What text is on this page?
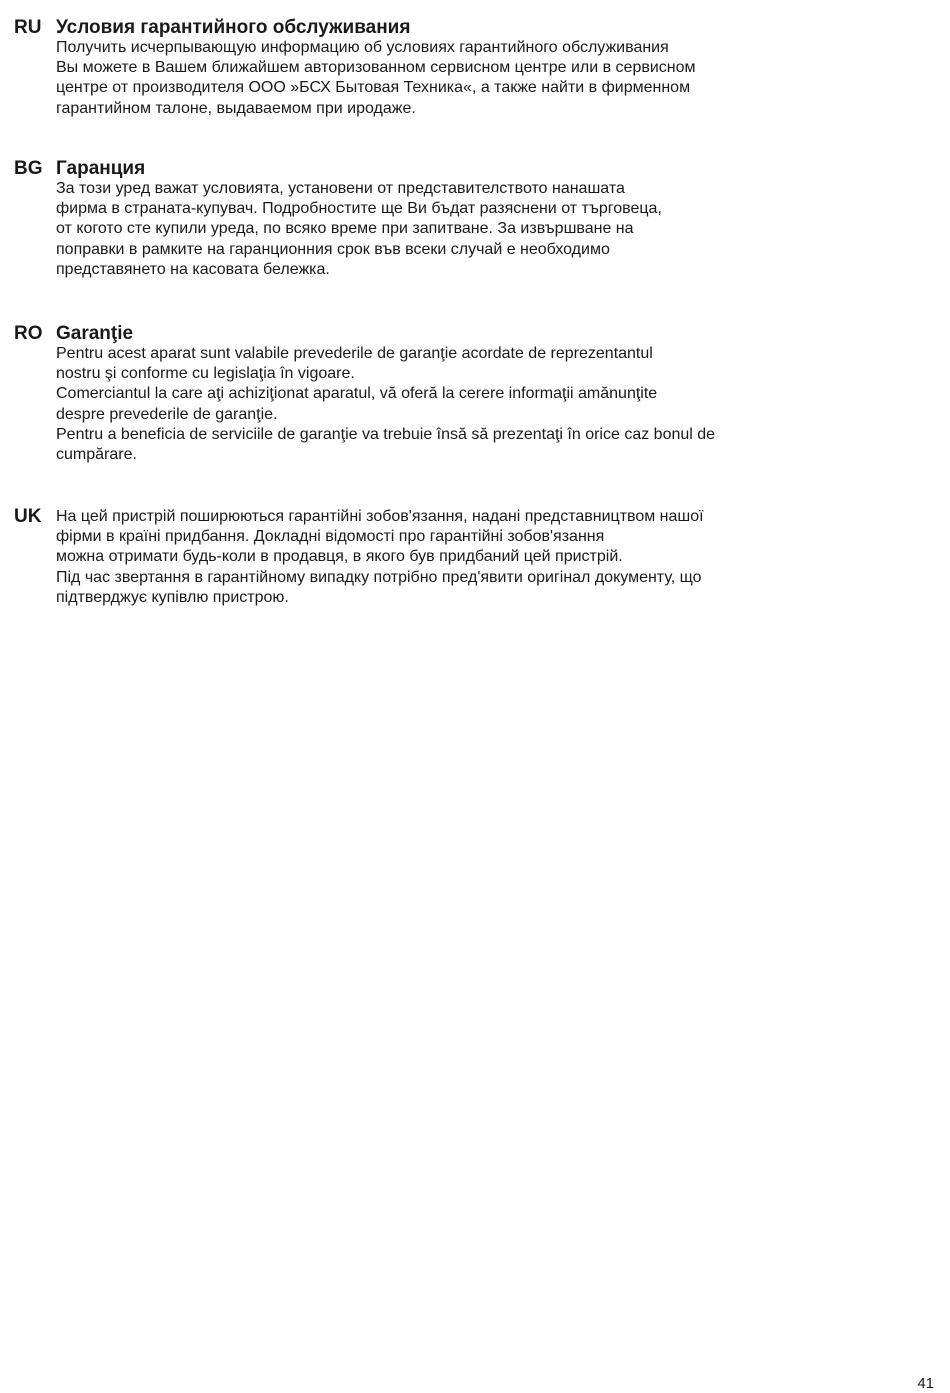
RU Условия гарантийного обслуживания
Получить исчерпывающую информацию об условиях гарантийного обслуживания
Вы можете в Вашем ближайшем авторизованном сервисном центре или в сервисном
центре от производителя ООО »БСХ Бытовая Техника«, а также найти в фирменном
гарантийном талоне, выдаваемом при иродаже.
BG Гаранция
За този уред важат условията, установени от представителството нанашата
фирма в страната-купувач. Подробностите ще Ви бъдат разяснени от търговеца,
от когото сте купили уреда, по всяко време при запитване. За извършване на
поправки в рамките на гаранционния срок във всеки случай е необходимо
представянето на касовата бележка.
RO Garanţie
Pentru acest aparat sunt valabile prevederile de garanţie acordate de reprezentantul
nostru şi conforme cu legislaţia în vigoare.
Comerciantul la care aţi achiziţionat aparatul, vă oferă la cerere informaţii amănunţite
despre prevederile de garanţie.
Pentru a beneficia de serviciile de garanţie va trebuie însă să prezentaţi în orice caz bonul de
cumpărare.
UK На цей пристрій поширюються гарантійні зобов'язання, надані представництвом нашої
фірми в країні придбання. Докладні відомості про гарантійні зобов'язання
можна отримати будь-коли в продавця, в якого був придбаний цей пристрій.
Під час звертання в гарантійному випадку потрібно пред'явити оригінал документу, що
підтверджує купівлю пристрою.
41
